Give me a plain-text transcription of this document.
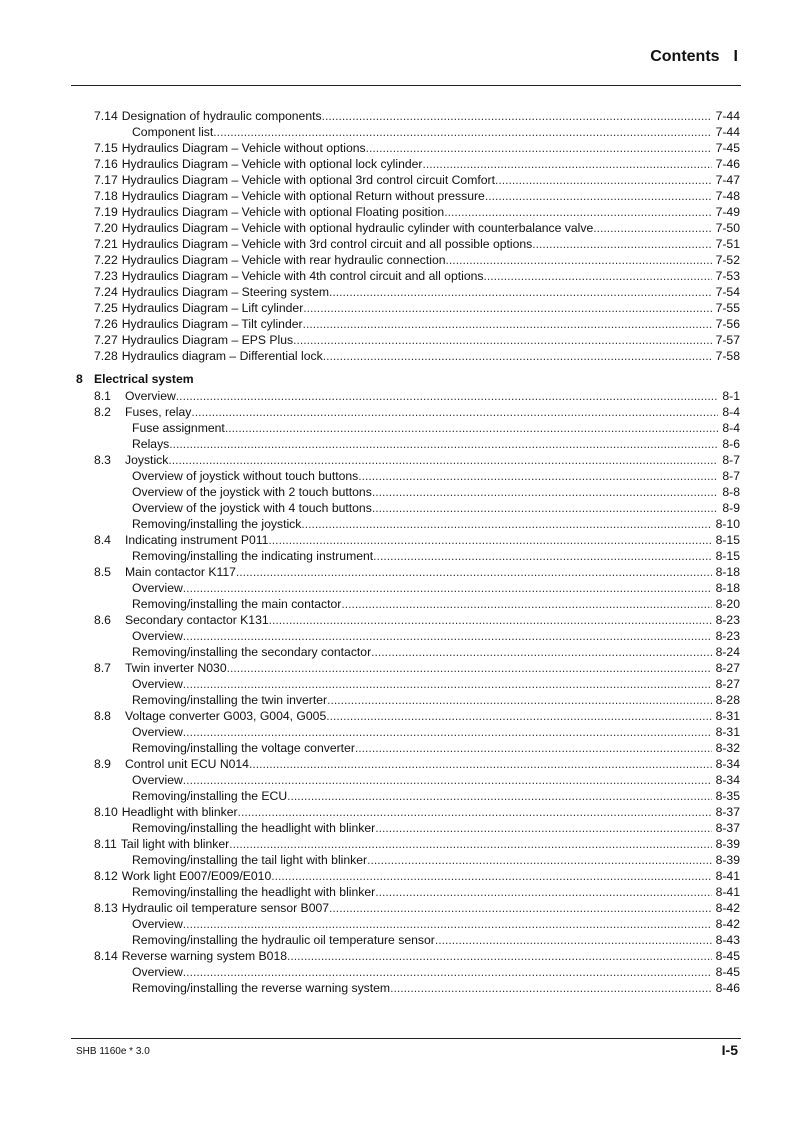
Contents I
7.14 Designation of hydraulic components .....	7-44
Component list .....	7-44
7.15 Hydraulics Diagram – Vehicle without options .....	7-45
7.16 Hydraulics Diagram – Vehicle with optional lock cylinder .....	7-46
7.17 Hydraulics Diagram – Vehicle with optional 3rd control circuit Comfort .....	7-47
7.18 Hydraulics Diagram – Vehicle with optional Return without pressure .....	7-48
7.19 Hydraulics Diagram – Vehicle with optional Floating position .....	7-49
7.20 Hydraulics Diagram – Vehicle with optional hydraulic cylinder with counterbalance valve .....	7-50
7.21 Hydraulics Diagram – Vehicle with 3rd control circuit and all possible options .....	7-51
7.22 Hydraulics Diagram – Vehicle with rear hydraulic connection .....	7-52
7.23 Hydraulics Diagram – Vehicle with 4th control circuit and all options .....	7-53
7.24 Hydraulics Diagram – Steering system .....	7-54
7.25 Hydraulics Diagram – Lift cylinder .....	7-55
7.26 Hydraulics Diagram – Tilt cylinder .....	7-56
7.27 Hydraulics Diagram – EPS Plus .....	7-57
7.28 Hydraulics diagram – Differential lock .....	7-58
8 Electrical system
8.1	Overview .....	8-1
8.2	Fuses, relay .....	8-4
Fuse assignment .....	8-4
Relays .....	8-6
8.3	Joystick .....	8-7
Overview of joystick without touch buttons .....	8-7
Overview of the joystick with 2 touch buttons .....	8-8
Overview of the joystick with 4 touch buttons .....	8-9
Removing/installing the joystick .....	8-10
8.4	Indicating instrument P011 .....	8-15
Removing/installing the indicating instrument .....	8-15
8.5	Main contactor K117 .....	8-18
Overview .....	8-18
Removing/installing the main contactor .....	8-20
8.6	Secondary contactor K131 .....	8-23
Overview .....	8-23
Removing/installing the secondary contactor .....	8-24
8.7	Twin inverter N030 .....	8-27
Overview .....	8-27
Removing/installing the twin inverter .....	8-28
8.8	Voltage converter G003, G004, G005 .....	8-31
Overview .....	8-31
Removing/installing the voltage converter .....	8-32
8.9	Control unit ECU N014 .....	8-34
Overview .....	8-34
Removing/installing the ECU .....	8-35
8.10 Headlight with blinker .....	8-37
Removing/installing the headlight with blinker .....	8-37
8.11 Tail light with blinker .....	8-39
Removing/installing the tail light with blinker .....	8-39
8.12 Work light E007/E009/E010 .....	8-41
Removing/installing the headlight with blinker .....	8-41
8.13 Hydraulic oil temperature sensor B007 .....	8-42
Overview .....	8-42
Removing/installing the hydraulic oil temperature sensor .....	8-43
8.14 Reverse warning system B018 .....	8-45
Overview .....	8-45
Removing/installing the reverse warning system .....	8-46
SHB 1160e * 3.0	I-5
